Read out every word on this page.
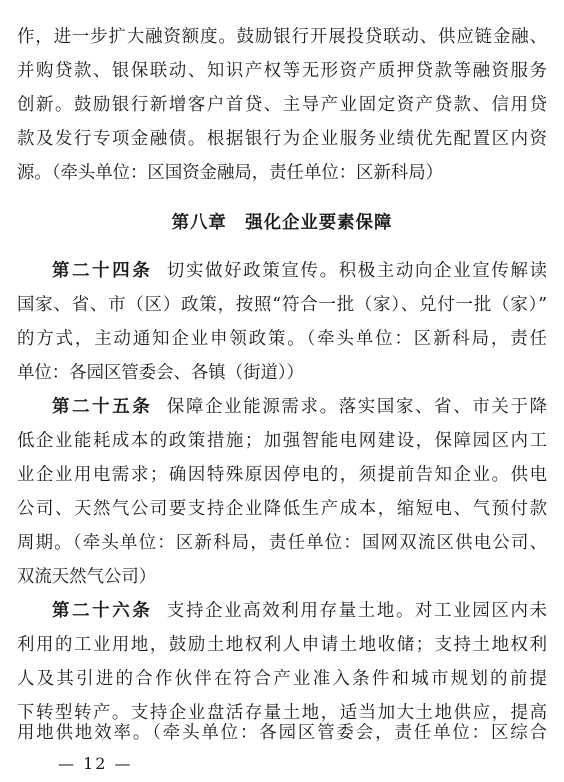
作，进一步扩大融资额度。鼓励银行开展投贷联动、供应链金融、
并购贷款、银保联动、知识产权等无形资产质押贷款等融资服务
创新。鼓励银行新增客户首贷、主导产业固定资产贷款、信用贷
款及发行专项金融债。根据银行为企业服务业绩优先配置区内资
源。（牵头单位：区国资金融局，责任单位：区新科局）
第八章　强化企业要素保障
第二十四条 切实做好政策宣传。积极主动向企业宣传解读
国家、省、市（区）政策，按照“符合一批（家）、兑付一批（家）”
的方式，主动通知企业申领政策。（牵头单位：区新科局，责任
单位：各园区管委会、各镇（街道））
第二十五条 保障企业能源需求。落实国家、省、市关于降
低企业能耗成本的政策措施；加强智能电网建设，保障园区内工
业企业用电需求；确因特殊原因停电的，须提前告知企业。供电
公司、天然气公司要支持企业降低生产成本，缩短电、气预付款
周期。（牵头单位：区新科局，责任单位：国网双流区供电公司、
双流天然气公司）
第二十六条 支持企业高效利用存量土地。对工业园区内未
利用的工业用地，鼓励土地权利人申请土地收储；支持土地权利
人及其引进的合作伙伴在符合产业准入条件和城市规划的前提
下转型转产。支持企业盘活存量土地，适当加大土地供应，提高
— 12 —
用地供地效率。（牵头单位：各园区管委会，责任单位：区综合
